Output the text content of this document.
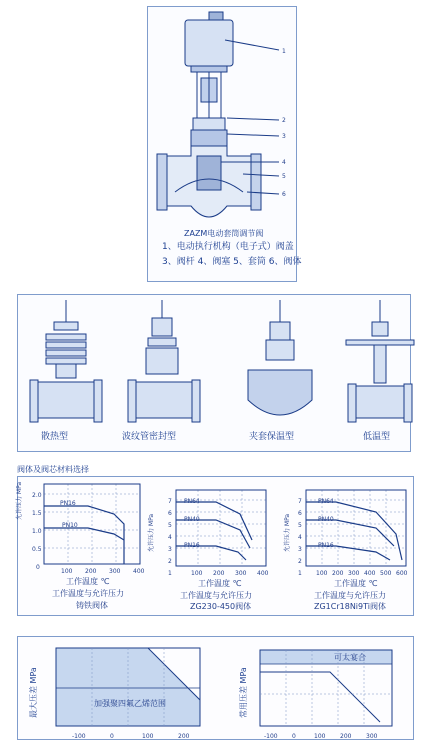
1
2
3
4
5
6
ZAZM电动套筒调节阀
1、电动执行机构（电子式）阀盖
3、阀杆 4、阀塞 5、套筒 6、阀体
散热型	波纹管密封型	夹套保温型	低温型
阀体及阀芯材料选择
允许压力 MPa	2.0
1.5
1.0
0.5
0
PN16
PN10
100 200 300 400
工作温度 ℃
工作温度与允许压力
铸铁阀体
允许压力 MPa
7
6
5
4
3
2
1
PN64
PN40
PN16
100 200 300 400
工作温度 ℃
工作温度与允许压力
ZG230-450阀体
允许压力 MPa
7
6
5
4
3
2
1
PN64
PN40
PN16
100 200 300 400 500 600
工作温度 ℃
工作温度与允许压力
ZG1Cr18Ni9Ti阀体
最大压差 MPa	加强聚四氟乙烯范围
-100	0	100	200
常用压差 MPa
可太宴合
-100 0	100 200 300
